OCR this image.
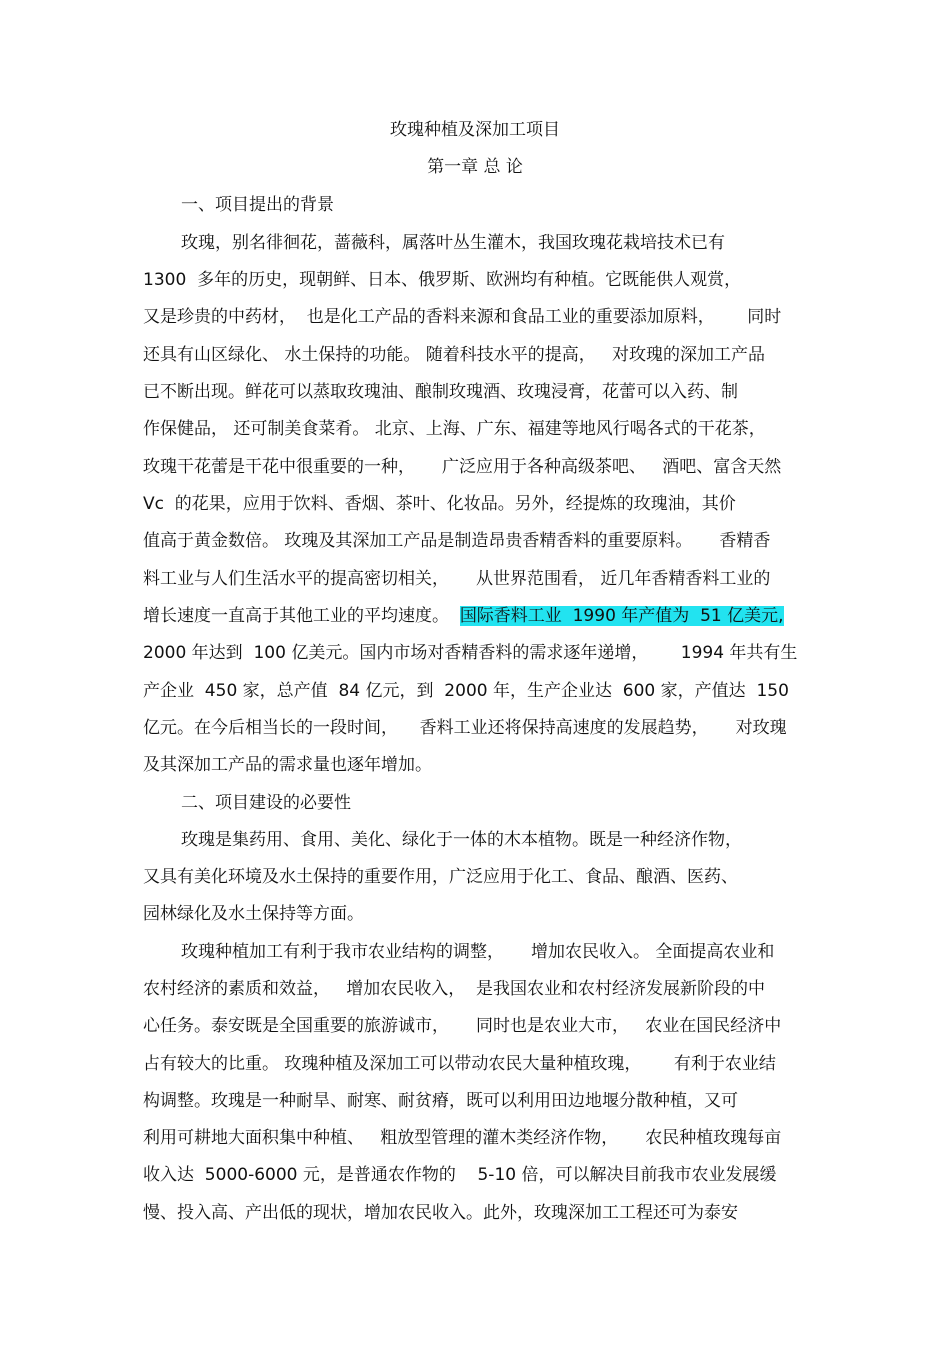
玫瑰种植及深加工项目
第一章 总 论
一、项目提出的背景
玫瑰，别名徘徊花，蔷薇科，属落叶丛生灌木，我国玫瑰花栽培技术已有
1300  多年的历史，现朝鲜、日本、俄罗斯、欧洲均有种植。它既能供人观赏，
又是珍贵的中药材，  也是化工产品的香料来源和食品工业的重要添加原料，      同时
还具有山区绿化、 水土保持的功能。 随着科技水平的提高，   对玫瑰的深加工产品
已不断出现。鲜花可以蒸取玫瑰油、酿制玫瑰酒、玫瑰浸膏，花蕾可以入药、制
作保健品， 还可制美食菜肴。 北京、上海、广东、福建等地风行喝各式的干花茶，
玫瑰干花蕾是干花中很重要的一种，     广泛应用于各种高级茶吧、   酒吧、富含天然
Vc  的花果，应用于饮料、香烟、茶叶、化妆品。另外，经提炼的玫瑰油，其价
值高于黄金数倍。 玫瑰及其深加工产品是制造昂贵香精香料的重要原料。     香精香
料工业与人们生活水平的提高密切相关，     从世界范围看， 近几年香精香料工业的
增长速度一直高于其他工业的平均速度。  国际香料工业  1990 年产值为  51 亿美元,
2000 年达到  100 亿美元。国内市场对香精香料的需求逐年递增，      1994 年共有生
产企业  450 家，总产值  84 亿元，到  2000 年，生产企业达  600 家，产值达  150
亿元。在今后相当长的一段时间，    香料工业还将保持高速度的发展趋势，     对玫瑰
及其深加工产品的需求量也逐年增加。
二、项目建设的必要性
玫瑰是集药用、食用、美化、绿化于一体的木本植物。既是一种经济作物，
又具有美化环境及水土保持的重要作用，广泛应用于化工、食品、酿酒、医药、
园林绿化及水土保持等方面。
玫瑰种植加工有利于我市农业结构的调整，     增加农民收入。 全面提高农业和
农村经济的素质和效益，   增加农民收入，  是我国农业和农村经济发展新阶段的中
心任务。泰安既是全国重要的旅游诚市，     同时也是农业大市，   农业在国民经济中
占有较大的比重。 玫瑰种植及深加工可以带动农民大量种植玫瑰，      有利于农业结
构调整。玫瑰是一种耐旱、耐寒、耐贫瘠，既可以利用田边地堰分散种植，又可
利用可耕地大面积集中种植、   粗放型管理的灌木类经济作物，     农民种植玫瑰每亩
收入达  5000-6000 元，是普通农作物的    5-10 倍，可以解决目前我市农业发展缓
慢、投入高、产出低的现状，增加农民收入。此外，玫瑰深加工工程还可为泰安
